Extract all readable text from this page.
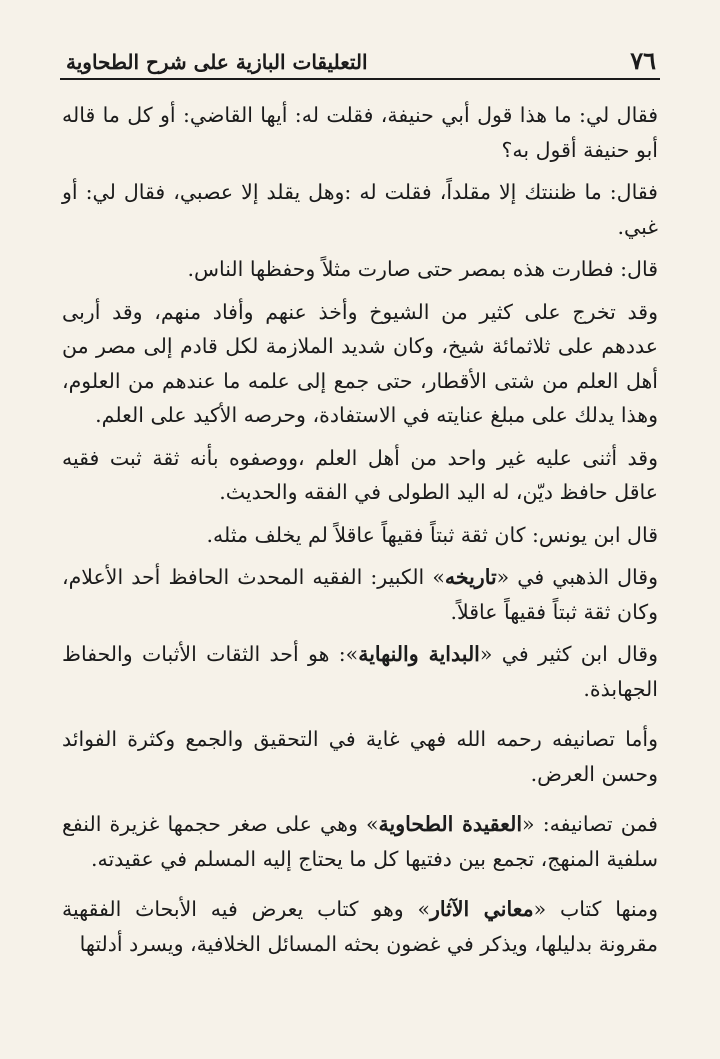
٧٦
التعليقات البازية على شرح الطحاوية

فقال لي: ما هذا قول أبي حنيفة، فقلت له: أيها القاضي: أو كل ما قاله أبو حنيفة أقول به؟

فقال: ما ظننتك إلا مقلداً، فقلت له :وهل يقلد إلا عصبي، فقال لي: أو غبي.

قال: فطارت هذه بمصر حتى صارت مثلاً وحفظها الناس.

وقد تخرج على كثير من الشيوخ وأخذ عنهم وأفاد منهم، وقد أربى عددهم على ثلاثمائة شيخ، وكان شديد الملازمة لكل قادم إلى مصر من أهل العلم من شتى الأقطار، حتى جمع إلى علمه ما عندهم من العلوم، وهذا يدلك على مبلغ عنايته في الاستفادة، وحرصه الأكيد على العلم.

وقد أثنى عليه غير واحد من أهل العلم ،ووصفوه بأنه ثقة ثبت فقيه عاقل حافظ ديّن، له اليد الطولى في الفقه والحديث.

قال ابن يونس: كان ثقة ثبتاً فقيهاً عاقلاً لم يخلف مثله.

وقال الذهبي في «تاريخه» الكبير: الفقيه المحدث الحافظ أحد الأعلام، وكان ثقة ثبتاً فقيهاً عاقلاً.

وقال ابن كثير في «البداية والنهاية»: هو أحد الثقات الأثبات والحفاظ الجهابذة.

وأما تصانيفه رحمه الله فهي غاية في التحقيق والجمع وكثرة الفوائد وحسن العرض.

فمن تصانيفه: «العقيدة الطحاوية» وهي على صغر حجمها غزيرة النفع سلفية المنهج، تجمع بين دفتيها كل ما يحتاج إليه المسلم في عقيدته.

ومنها كتاب «معاني الآثار» وهو كتاب يعرض فيه الأبحاث الفقهية مقرونة بدليلها، ويذكر في غضون بحثه المسائل الخلافية، ويسرد أدلتها
